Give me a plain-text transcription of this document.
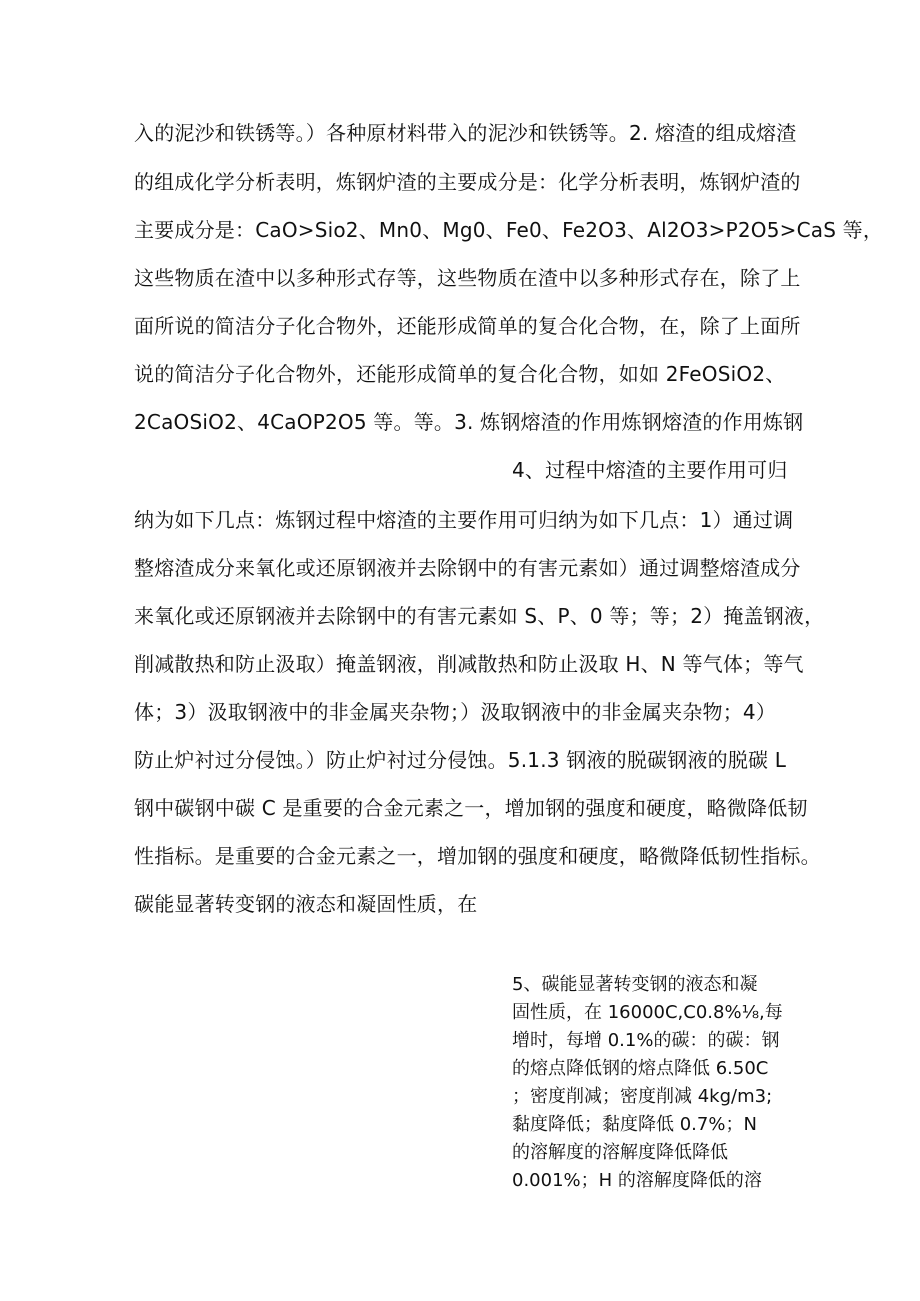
入的泥沙和铁锈等。）各种原材料带入的泥沙和铁锈等。2. 熔渣的组成熔渣
的组成化学分析表明，炼钢炉渣的主要成分是：化学分析表明，炼钢炉渣的
主要成分是：CaO>Sio2、Mn0、Mg0、Fe0、Fe2O3、Al2O3>P2O5>CaS 等，
这些物质在渣中以多种形式存等，这些物质在渣中以多种形式存在，除了上
面所说的简洁分子化合物外，还能形成简单的复合化合物，在，除了上面所
说的简洁分子化合物外，还能形成简单的复合化合物，如如 2FeOSiO2、
2CaOSiO2、4CaOP2O5 等。等。3. 炼钢熔渣的作用炼钢熔渣的作用炼钢
4、过程中熔渣的主要作用可归
纳为如下几点：炼钢过程中熔渣的主要作用可归纳为如下几点：1）通过调
整熔渣成分来氧化或还原钢液并去除钢中的有害元素如）通过调整熔渣成分
来氧化或还原钢液并去除钢中的有害元素如 S、P、0 等；等；2）掩盖钢液，
削减散热和防止汲取）掩盖钢液，削减散热和防止汲取 H、N 等气体；等气
体；3）汲取钢液中的非金属夹杂物；）汲取钢液中的非金属夹杂物；4）
防止炉衬过分侵蚀。）防止炉衬过分侵蚀。5.1.3 钢液的脱碳钢液的脱碳 L
钢中碳钢中碳 C 是重要的合金元素之一，增加钢的强度和硬度，略微降低韧
性指标。是重要的合金元素之一，增加钢的强度和硬度，略微降低韧性指标。
碳能显著转变钢的液态和凝固性质，在
5、碳能显著转变钢的液态和凝
固性质，在 16000C,C0.8%⅛,每
增时，每增 0.1%的碳：的碳：钢
的熔点降低钢的熔点降低 6.50C
；密度削减；密度削减 4kg/m3;
黏度降低；黏度降低 0.7%；N
的溶解度的溶解度降低降低
0.001%；H 的溶解度降低的溶
